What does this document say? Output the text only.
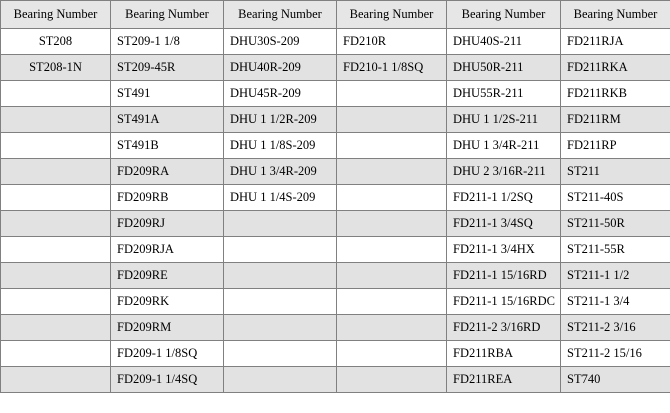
Bearing Number	Bearing Number	Bearing Number	Bearing Number	Bearing Number	Bearing Number
ST208	ST209-1 1/8	DHU30S-209	FD210R	DHU40S-211	FD211RJA
ST208-1N	ST209-45R	DHU40R-209	FD210-1 1/8SQ	DHU50R-211	FD211RKA
	ST491	DHU45R-209		DHU55R-211	FD211RKB
	ST491A	DHU 1 1/2R-209		DHU 1 1/2S-211	FD211RM
	ST491B	DHU 1 1/8S-209		DHU 1 3/4R-211	FD211RP
	FD209RA	DHU 1 3/4R-209		DHU 2 3/16R-211	ST211
	FD209RB	DHU 1 1/4S-209		FD211-1 1/2SQ	ST211-40S
	FD209RJ			FD211-1 3/4SQ	ST211-50R
	FD209RJA			FD211-1 3/4HX	ST211-55R
	FD209RE			FD211-1 15/16RD	ST211-1 1/2
	FD209RK			FD211-1 15/16RDC	ST211-1 3/4
	FD209RM			FD211-2 3/16RD	ST211-2 3/16
	FD209-1 1/8SQ			FD211RBA	ST211-2 15/16
	FD209-1 1/4SQ			FD211REA	ST740
